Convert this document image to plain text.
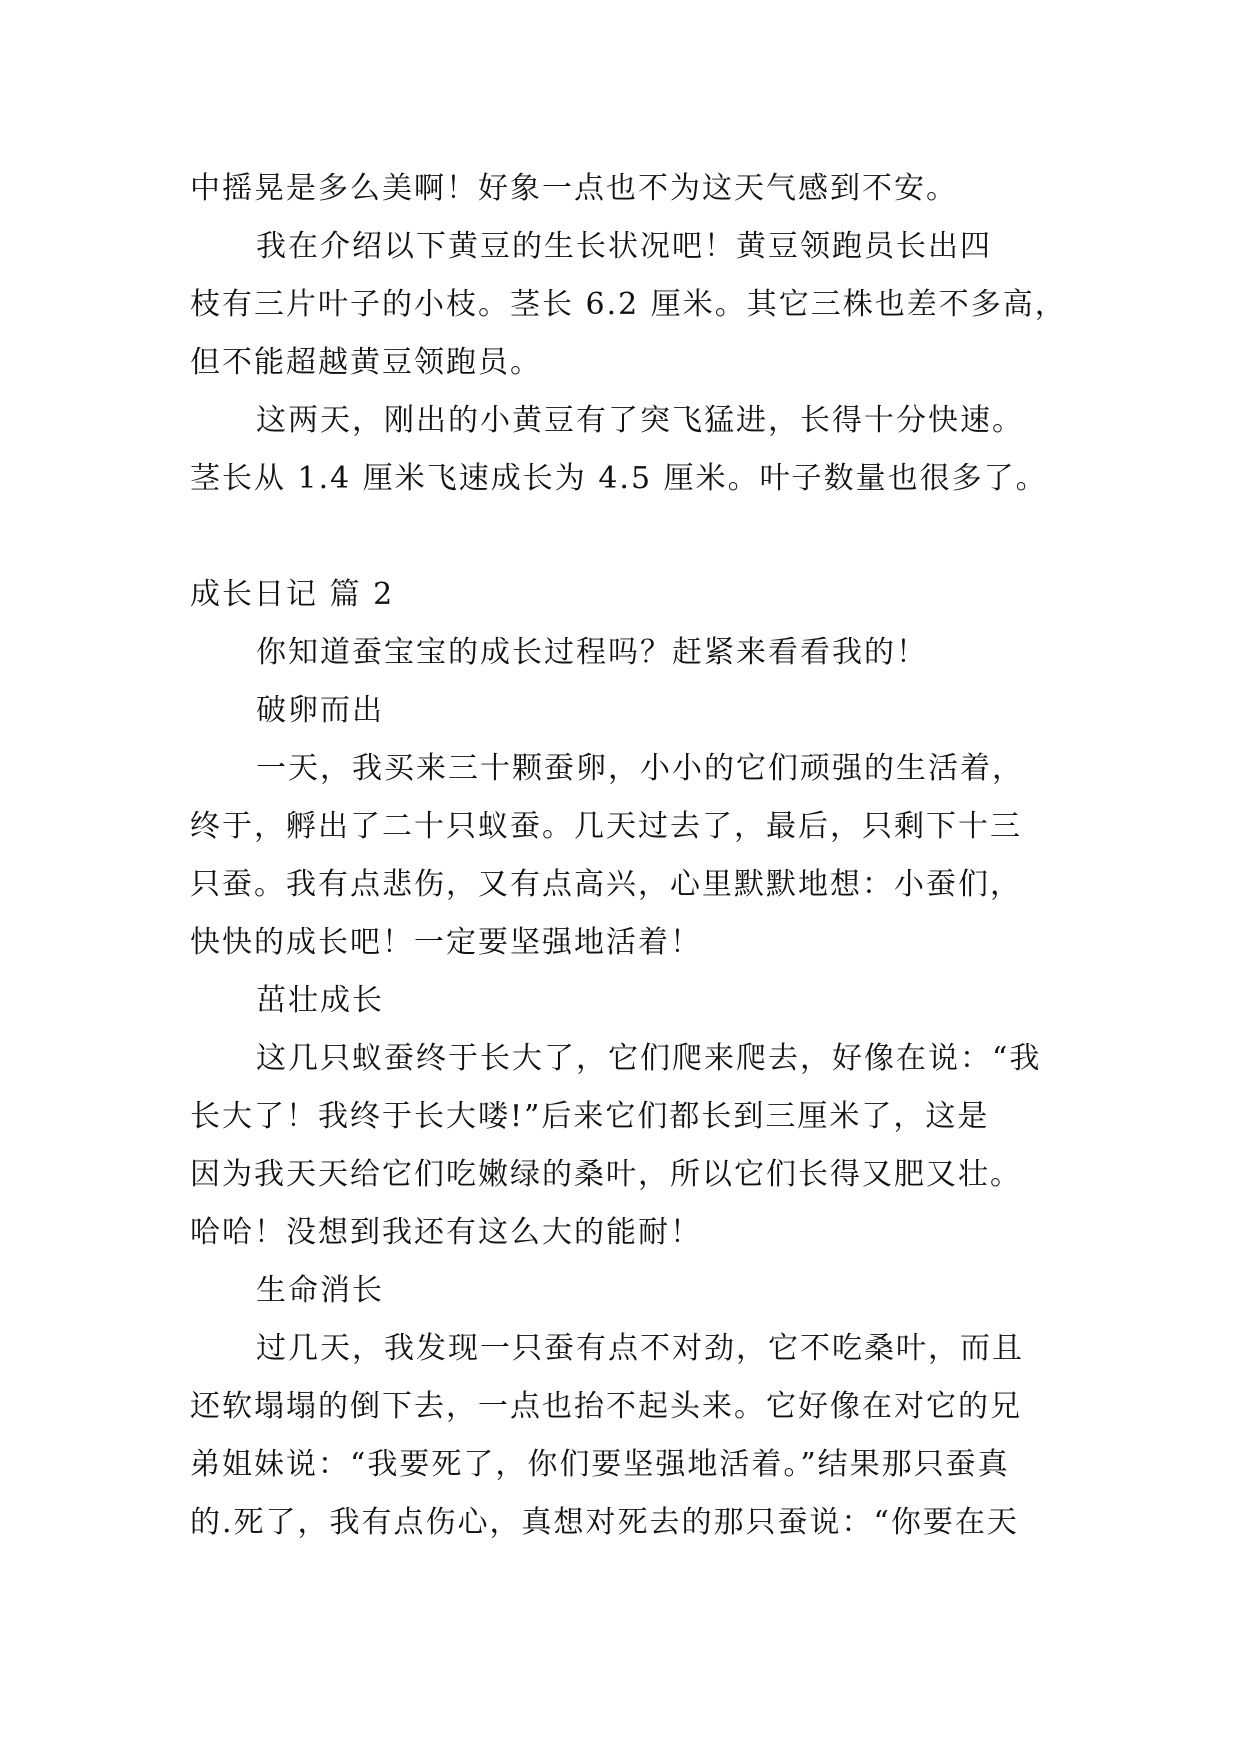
中摇晃是多么美啊！好象一点也不为这天气感到不安。
我在介绍以下黄豆的生长状况吧！黄豆领跑员长出四
枝有三片叶子的小枝。茎长 6.2 厘米。其它三株也差不多高，
但不能超越黄豆领跑员。
这两天，刚出的小黄豆有了突飞猛进，长得十分快速。
茎长从 1.4 厘米飞速成长为 4.5 厘米。叶子数量也很多了。
成长日记 篇 2
你知道蚕宝宝的成长过程吗？赶紧来看看我的！
破卵而出
一天，我买来三十颗蚕卵，小小的它们顽强的生活着，
终于，孵出了二十只蚁蚕。几天过去了，最后，只剩下十三
只蚕。我有点悲伤，又有点高兴，心里默默地想：小蚕们，
快快的成长吧！一定要坚强地活着！
茁壮成长
这几只蚁蚕终于长大了，它们爬来爬去，好像在说：“我
长大了！我终于长大喽!”后来它们都长到三厘米了，这是
因为我天天给它们吃嫩绿的桑叶，所以它们长得又肥又壮。
哈哈！没想到我还有这么大的能耐！
生命消长
过几天，我发现一只蚕有点不对劲，它不吃桑叶，而且
还软塌塌的倒下去，一点也抬不起头来。它好像在对它的兄
弟姐妹说：“我要死了，你们要坚强地活着。”结果那只蚕真
的.死了，我有点伤心，真想对死去的那只蚕说：“你要在天
